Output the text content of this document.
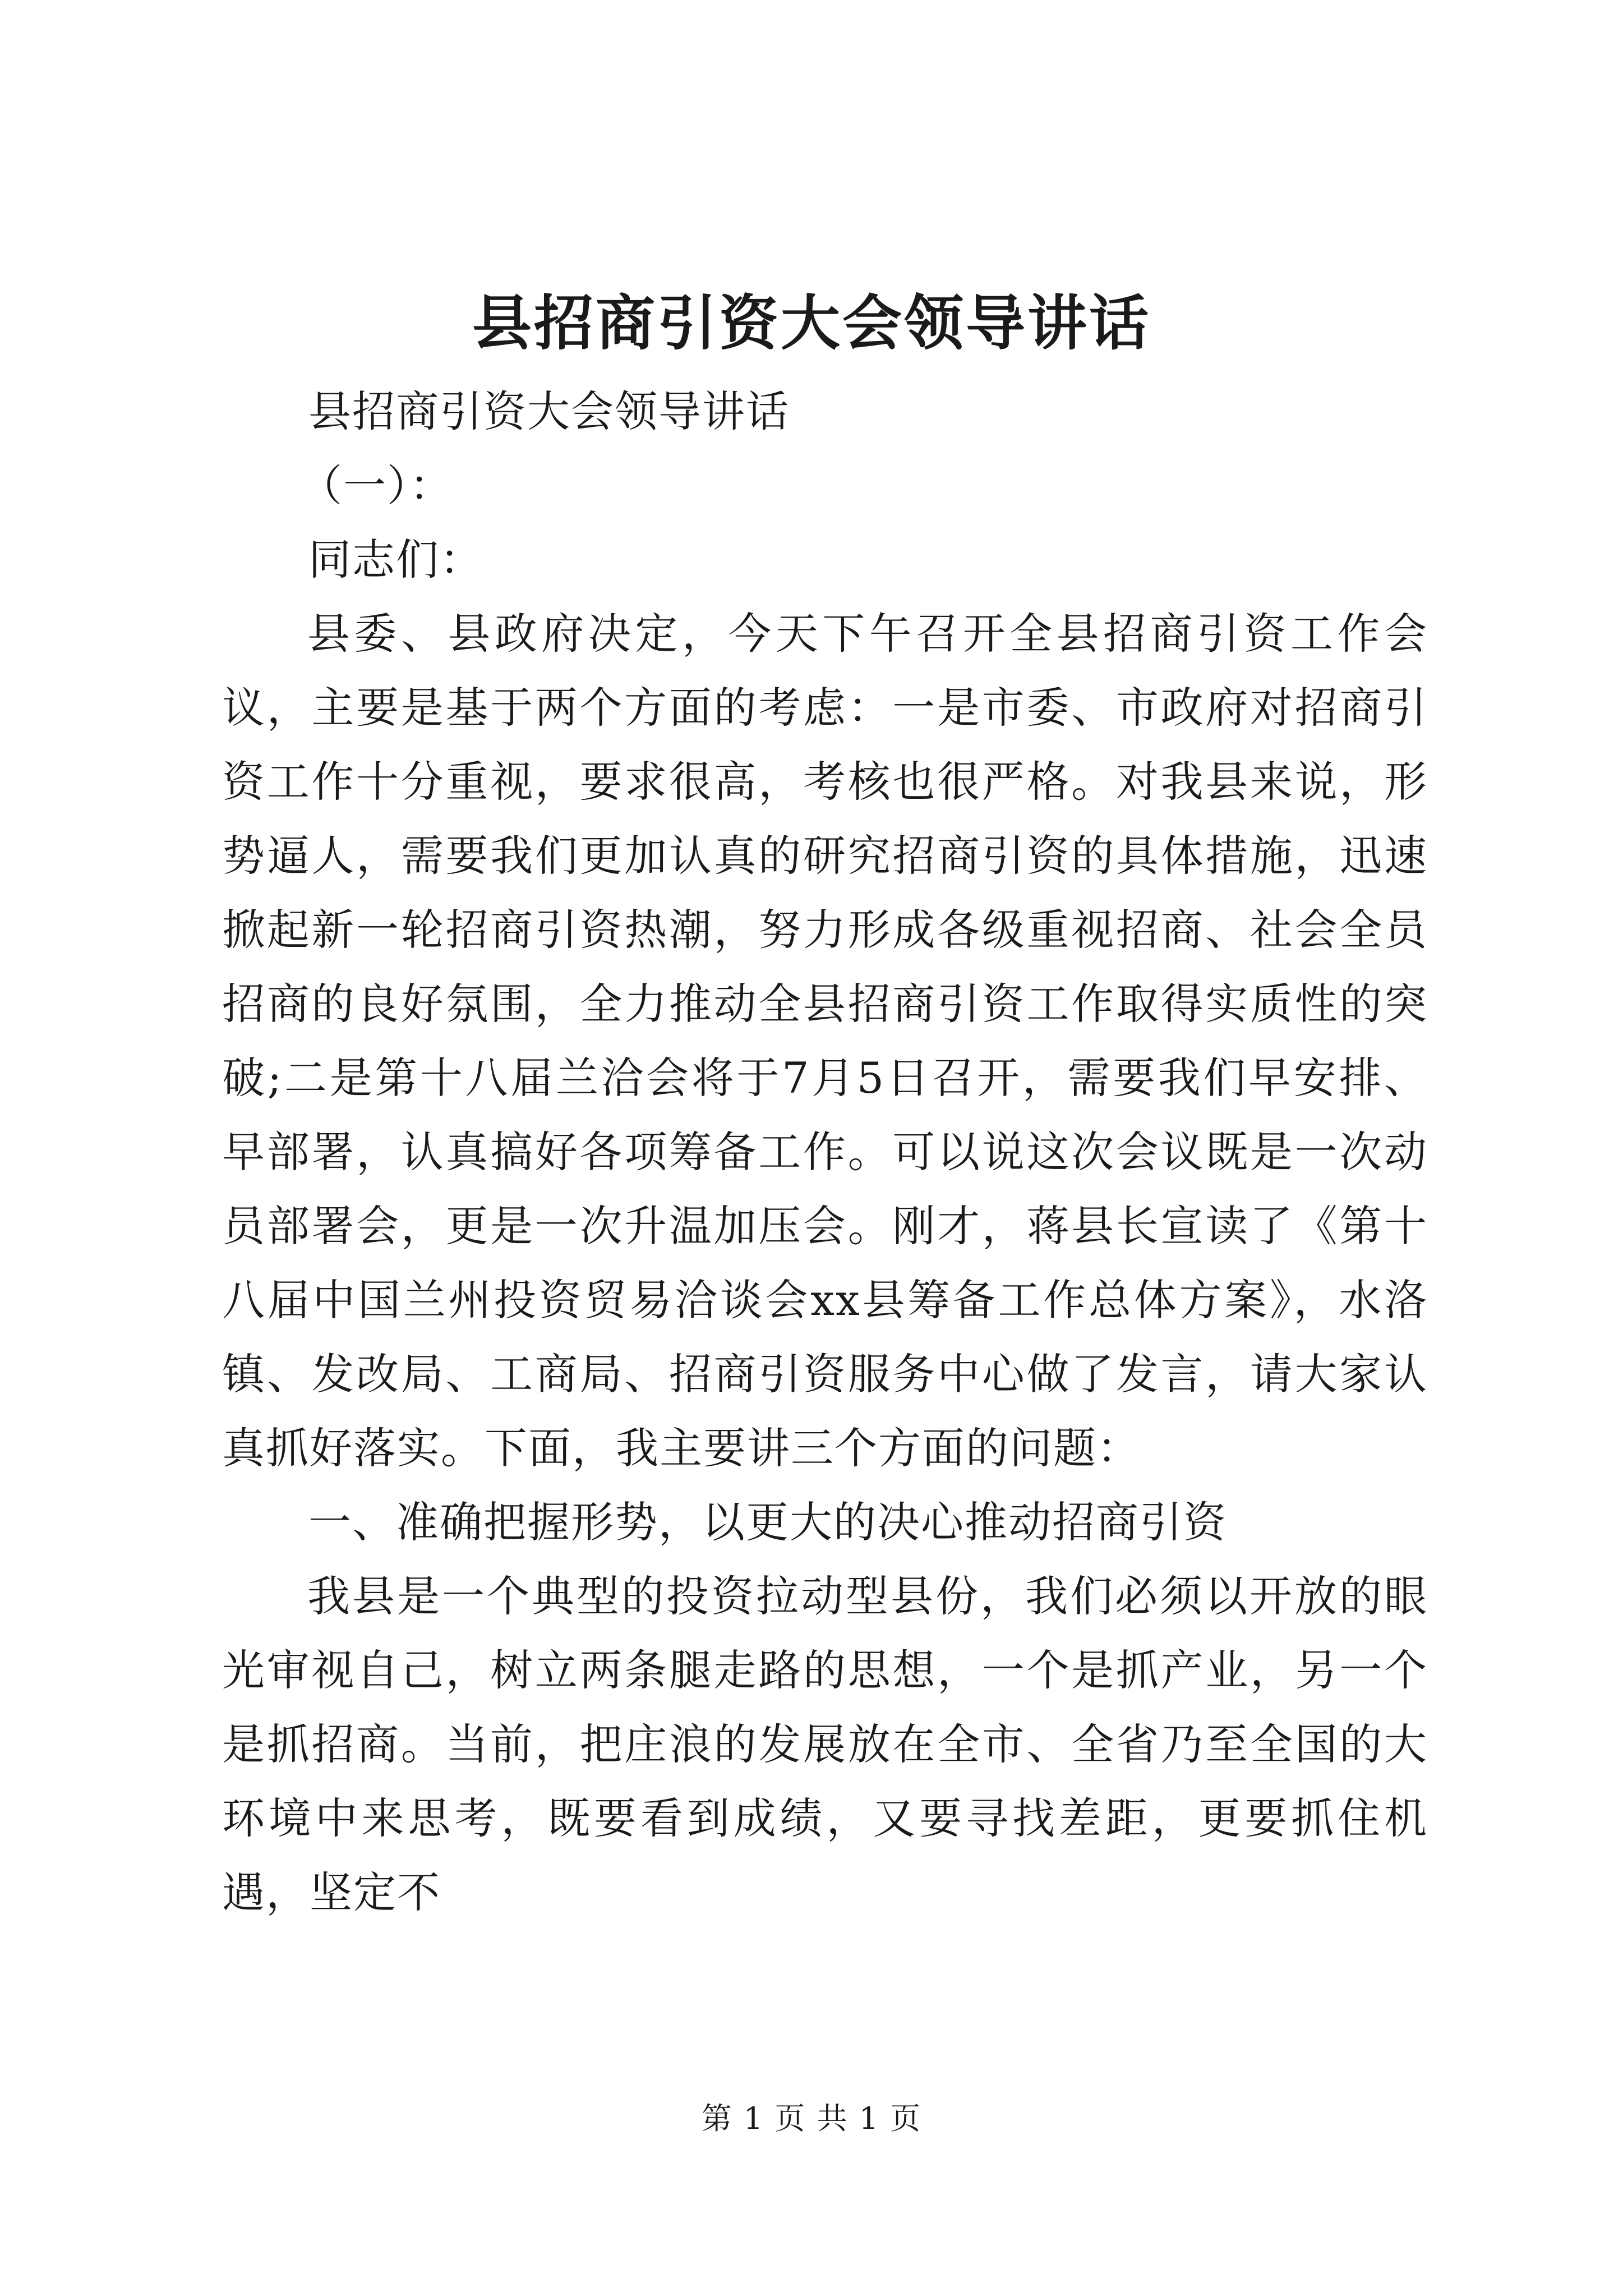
县招商引资大会领导讲话

县招商引资大会领导讲话

（一）：

同志们：

县委、县政府决定，今天下午召开全县招商引资工作会议，主要是基于两个方面的考虑：一是市委、市政府对招商引资工作十分重视，要求很高，考核也很严格。对我县来说，形势逼人，需要我们更加认真的研究招商引资的具体措施，迅速掀起新一轮招商引资热潮，努力形成各级重视招商、社会全员招商的良好氛围，全力推动全县招商引资工作取得实质性的突破;二是第十八届兰洽会将于7月5日召开，需要我们早安排、早部署，认真搞好各项筹备工作。可以说这次会议既是一次动员部署会，更是一次升温加压会。刚才，蒋县长宣读了《第十八届中国兰州投资贸易洽谈会xx县筹备工作总体方案》，水洛镇、发改局、工商局、招商引资服务中心做了发言，请大家认真抓好落实。下面，我主要讲三个方面的问题：

一、准确把握形势，以更大的决心推动招商引资

我县是一个典型的投资拉动型县份，我们必须以开放的眼光审视自己，树立两条腿走路的思想，一个是抓产业，另一个是抓招商。当前，把庄浪的发展放在全市、全省乃至全国的大环境中来思考，既要看到成绩，又要寻找差距，更要抓住机遇，坚定不

第 1 页 共 1 页
